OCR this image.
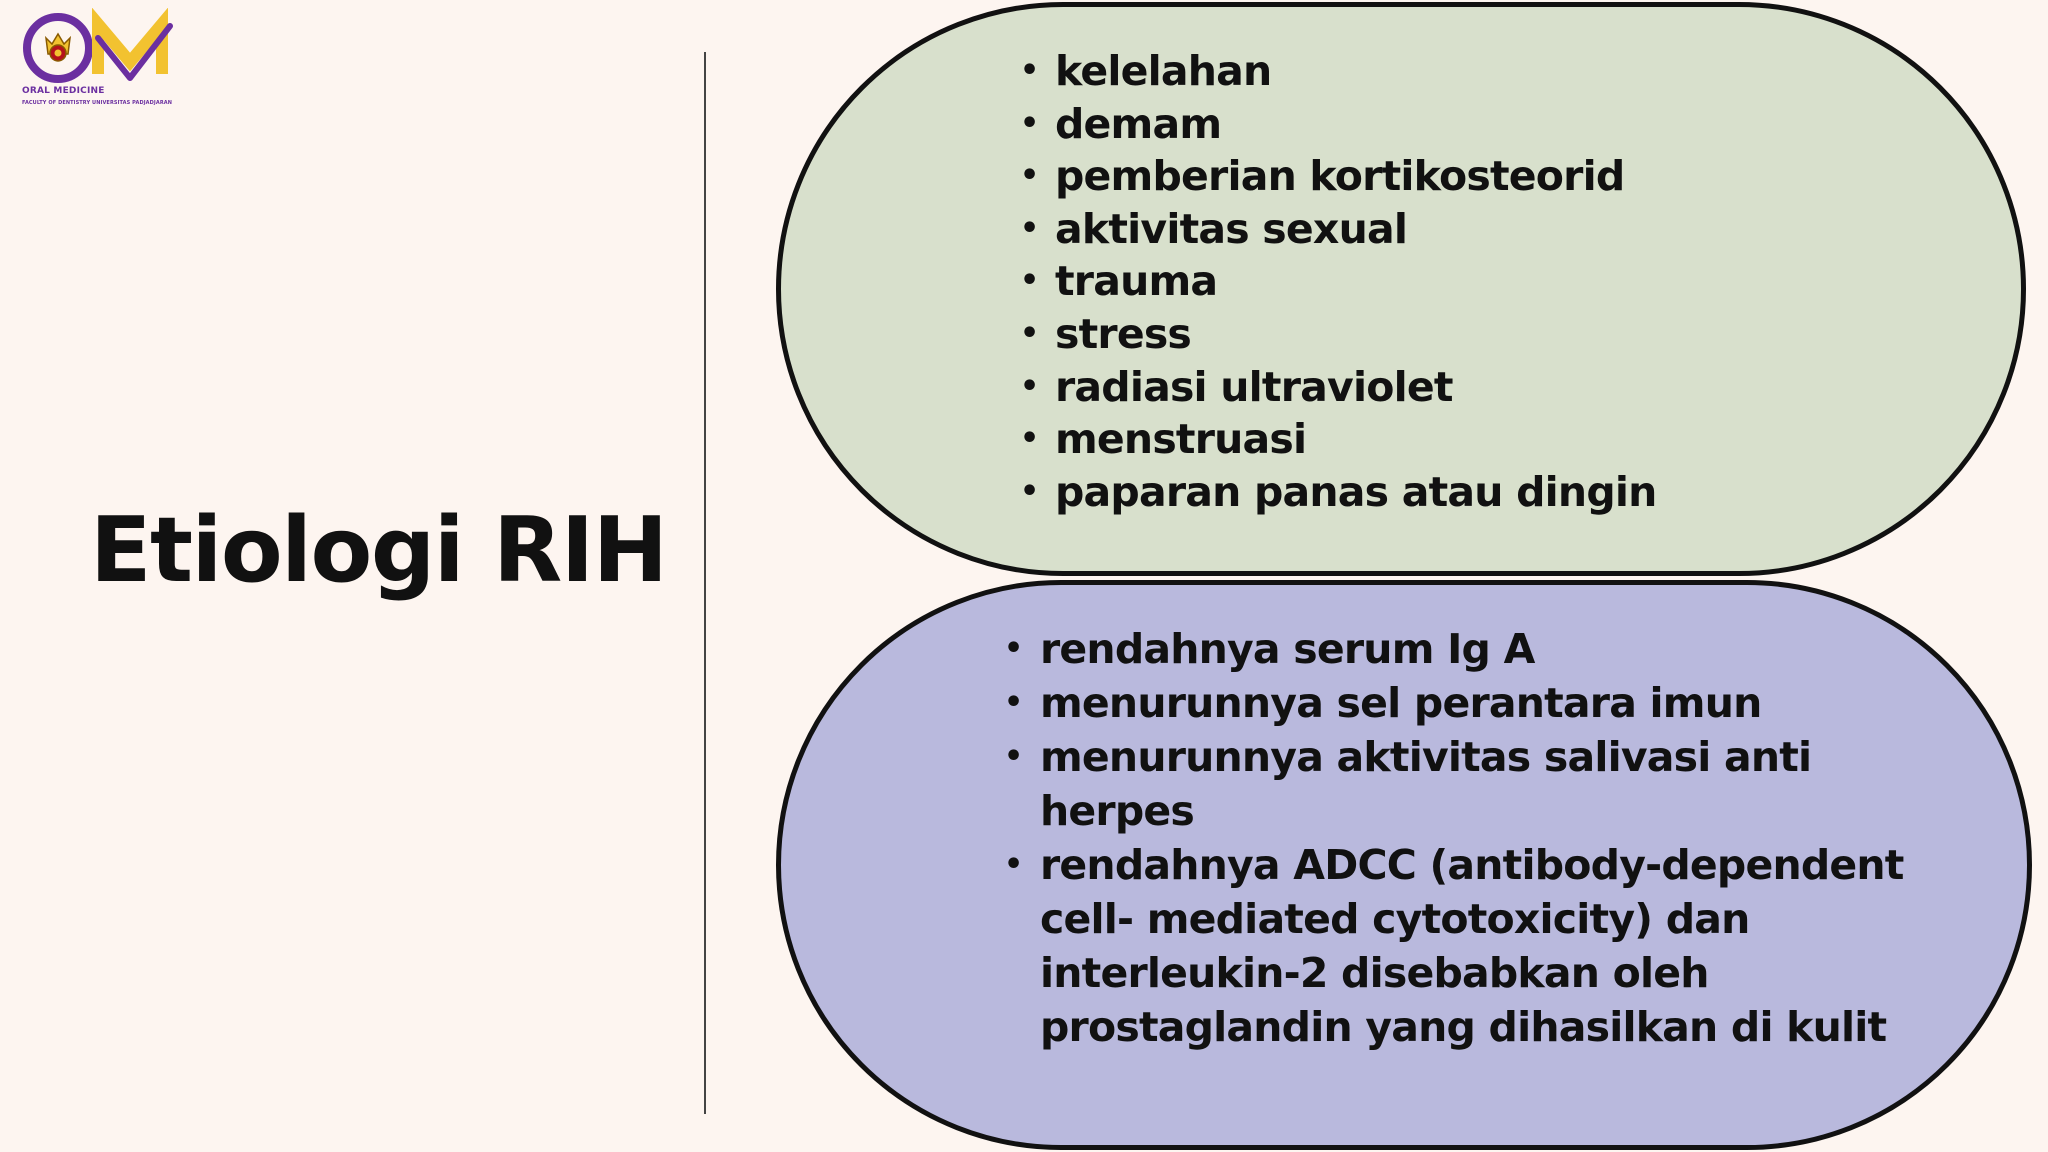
ORAL MEDICINE
FACULTY OF DENTISTRY UNIVERSITAS PADJADJARAN
Etiologi RIH
• kelelahan
• demam
• pemberian kortikosteorid
• aktivitas sexual
• trauma
• stress
• radiasi ultraviolet
• menstruasi
• paparan panas atau dingin
• rendahnya serum Ig A
• menurunnya sel perantara imun
• menurunnya aktivitas salivasi anti herpes
• rendahnya ADCC (antibody-dependent cell- mediated cytotoxicity) dan interleukin-2 disebabkan oleh prostaglandin yang dihasilkan di kulit
